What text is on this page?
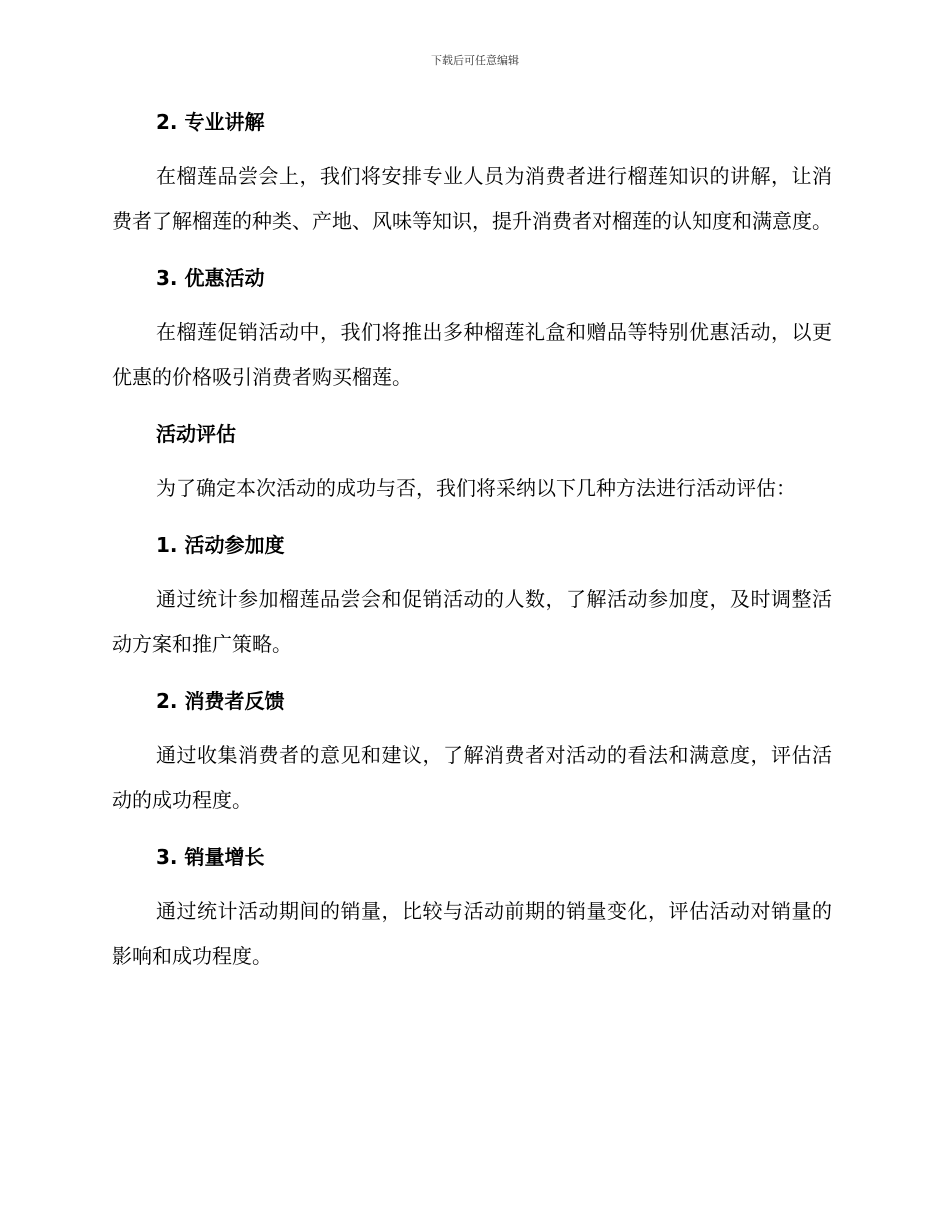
下载后可任意编辑
2. 专业讲解

在榴莲品尝会上，我们将安排专业人员为消费者进行榴莲知识的讲解，让消费者了解榴莲的种类、产地、风味等知识，提升消费者对榴莲的认知度和满意度。

3. 优惠活动

在榴莲促销活动中，我们将推出多种榴莲礼盒和赠品等特别优惠活动，以更优惠的价格吸引消费者购买榴莲。

活动评估

为了确定本次活动的成功与否，我们将采纳以下几种方法进行活动评估：

1. 活动参加度

通过统计参加榴莲品尝会和促销活动的人数，了解活动参加度，及时调整活动方案和推广策略。

2. 消费者反馈

通过收集消费者的意见和建议，了解消费者对活动的看法和满意度，评估活动的成功程度。

3. 销量增长

通过统计活动期间的销量，比较与活动前期的销量变化，评估活动对销量的影响和成功程度。
